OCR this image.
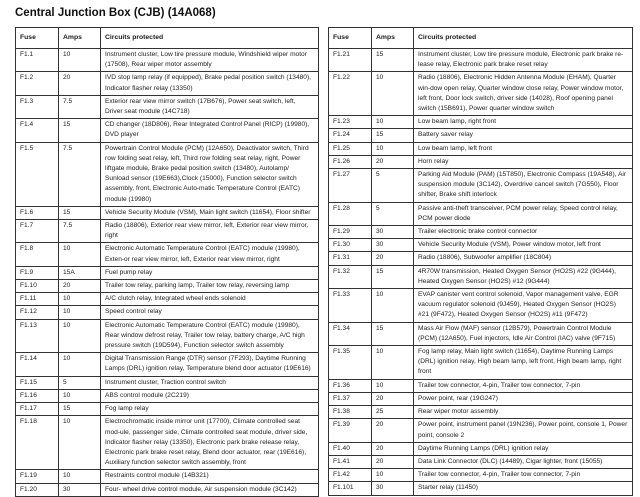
Central Junction Box (CJB) (14A068)
Fuse	Amps	Circuits protected
F1.1	10	Instrument cluster, Low tire pressure module, Windshield wiper motor (17508), Rear wiper motor assembly
F1.2	20	IVD stop lamp relay (if equipped), Brake pedal position switch (13480), Indicator flasher relay (13350)
F1.3	7.5	Exterior rear view mirror switch (17B676), Power seat switch, left, Driver seat module (14C718)
F1.4	15	CD changer (18D806), Rear Integrated Control Panel (RICP) (19980), DVD player
F1.5	7.5	Powertrain Control Module (PCM) (12A650), Deactivator switch, Third row folding seat relay, left, Third row folding seat relay, right, Power liftgate module, Brake pedal position switch (13480), Autolamp/ Sunload sensor (19E663),Clock (15000), Function selector switch assembly, front, Electronic Auto-matic Temperature Control (EATC) module (19980)
F1.6	15	Vehicle Security Module (VSM), Main light switch (11654), Floor shifter
F1.7	7.5	Radio (18806), Exterior rear view mirror, left, Exterior rear view mirror, right
F1.8	10	Electronic Automatic Temperature Control (EATC) module (19980), Exten-or rear view mirror, left, Exterior rear view mirror, right
F1.9	15A	Fuel pump relay
F1.10	20	Trailer tow relay, parking lamp, Trailer tow relay, reversing lamp
F1.11	10	A/C clutch relay, Integrated wheel ends solenoid
F1.12	10	Speed control relay
F1.13	10	Electronic Automatic Temperature Control (EATC) module (19980), Rear window defrost relay, Trailer tow relay, battery charge, A/C high pressure switch (19D594), Function selector switch assembly
F1.14	10	Digital Transmission Range (DTR) sensor (7F293), Daytime Running Lamps (DRL) ignition relay, Temperature blend door actuator (19E616)
F1.15	5	Instrument cluster, Traction control switch
F1.16	10	ABS control module (2C219)
F1.17	15	Fog lamp relay
F1.18	10	Electrochromatic inside mirror unit (17700), Climate controlled seat mod-ule, passenger side, Climate controlled seat module, driver side, Indicator flasher relay (13350), Electronic park brake release relay, Electronic park brake reset relay, Blend door actuator, rear (19E616), Auxiliary function selector switch assembly, front
F1.19	10	Restraints control module (14B321)
F1.20	30	Four- wheel drive control module, Air suspension module (3C142)
Fuse	Amps	Circuits protected
F1.21	15	Instrument cluster, Low tire pressure module, Electronic park brake re-lease relay, Electronic park brake reset relay
F1.22	10	Radio (18806), Electronic Hidden Antenna Module (EHAM), Quarter win-dow open relay, Quarter window close relay, Power window motor, left front, Door lock switch, driver side (14028), Roof opening panel switch (15B691), Power quarter window switch
F1.23	10	Low beam lamp, right front
F1.24	15	Battery saver relay
F1.25	10	Low beam lamp, left front
F1.26	20	Horn relay
F1.27	5	Parking Aid Module (PAM) (15T850), Electronic Compass (19A548), Air suspension module (3C142), Overdrive cancel switch (7G550), Floor shifter, Brake shift interlock
F1.28	5	Passive anti-theft transceiver, PCM power relay, Speed control relay, PCM power diode
F1.29	30	Trailer electronic brake control connector
F1.30	30	Vehicle Security Module (VSM), Power window motor, left front
F1.31	20	Radio (18806), Subwoofer amplifier (18C804)
F1.32	15	4R70W transmission, Heated Oxygen Sensor (HO2S) #22 (9G444), Heated Oxygen Sensor (HO2S) #12 (9G444)
F1.33	10	EVAP canister vent control solenoid, Vapor management valve, EGR vacuum regulator solenoid (9J459), Heated Oxygen Sensor (HO2S) #21 (9F472), Heated Oxygen Sensor (HO2S) #11 (9F472)
F1.34	15	Mass Air Flow (MAF) sensor (12B579), Powertrain Control Module (PCM) (12A650), Fuel injectors, Idle Air Control (IAC) valve (9F715)
F1.35	10	Fog lamp relay, Main light switch (11654), Daytime Running Lamps (DRL) ignition relay, High beam lamp, left front, High beam lamp, right front
F1.36	10	Trailer tow connector, 4-pin, Trailer tow connector, 7-pin
F1.37	20	Power point, rear (19G247)
F1.38	25	Rear wiper motor assembly
F1.39	20	Power point, instrument panel (19N236), Power point, console 1, Power point, console 2
F1.40	20	Daytime Running Lamps (DRL) ignition relay
F1.41	20	Data Link Connector (DLC) (14489), Cigar lighter, front (15055)
F1.42	10	Trailer tow connector, 4-pin, Trailer tow connector, 7-pin
F1.101	30	Starter relay (11450)
